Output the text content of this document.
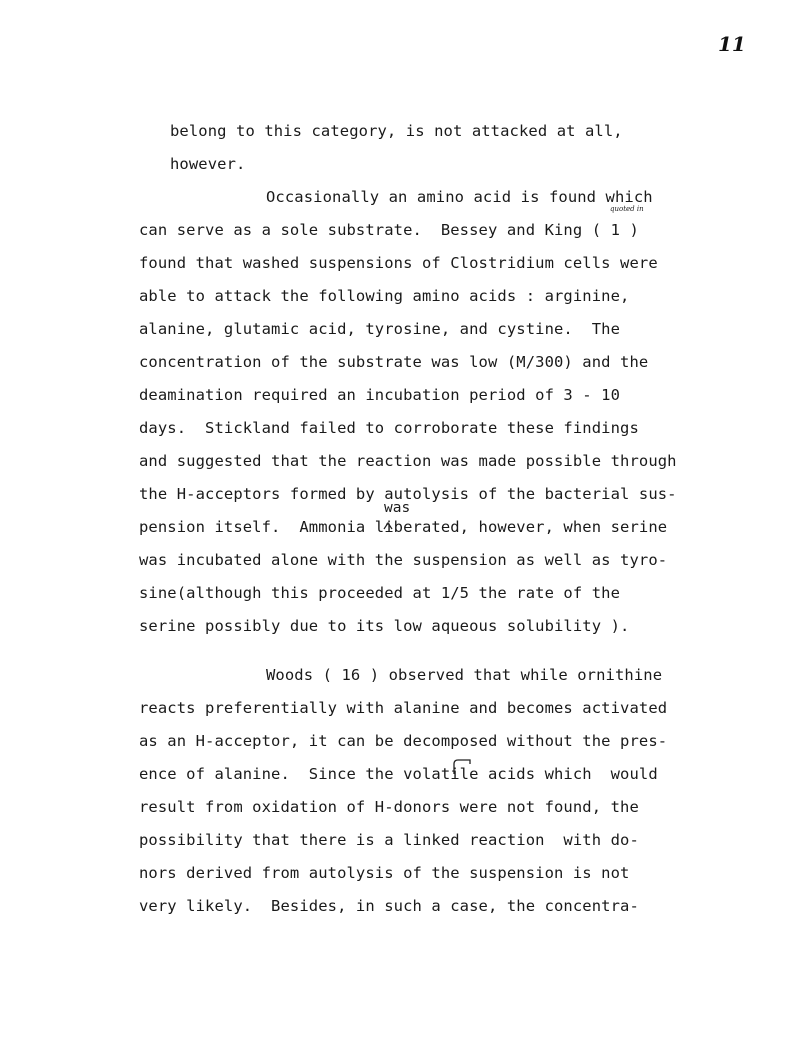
11
belong to this category, is not attacked at all,
however.
Occasionally an amino acid is found which
can serve as a sole substrate.  Bessey and King ( 1 )
found that washed suspensions of Clostridium cells were
able to attack the following amino acids : arginine,
alanine, glutamic acid, tyrosine, and cystine.  The
concentration of the substrate was low (M/300) and the
deamination required an incubation period of 3 - 10
days.  Stickland failed to corroborate these findings
and suggested that the reaction was made possible through
the H-acceptors formed by autolysis of the bacterial sus-
pension itself.  Ammonia liberated, however, when serine
was incubated alone with the suspension as well as tyro-
sine(although this proceeded at 1/5 the rate of the
serine possibly due to its low aqueous solubility ).
Woods ( 16 ) observed that while ornithine
reacts preferentially with alanine and becomes activated
as an H-acceptor, it can be decomposed without the pres-
ence of alanine.  Since the volatile acids which  would
result from oxidation of H-donors were not found, the
possibility that there is a linked reaction  with do-
nors derived from autolysis of the suspension is not
very likely.  Besides, in such a case, the concentra-
quoted in
was
